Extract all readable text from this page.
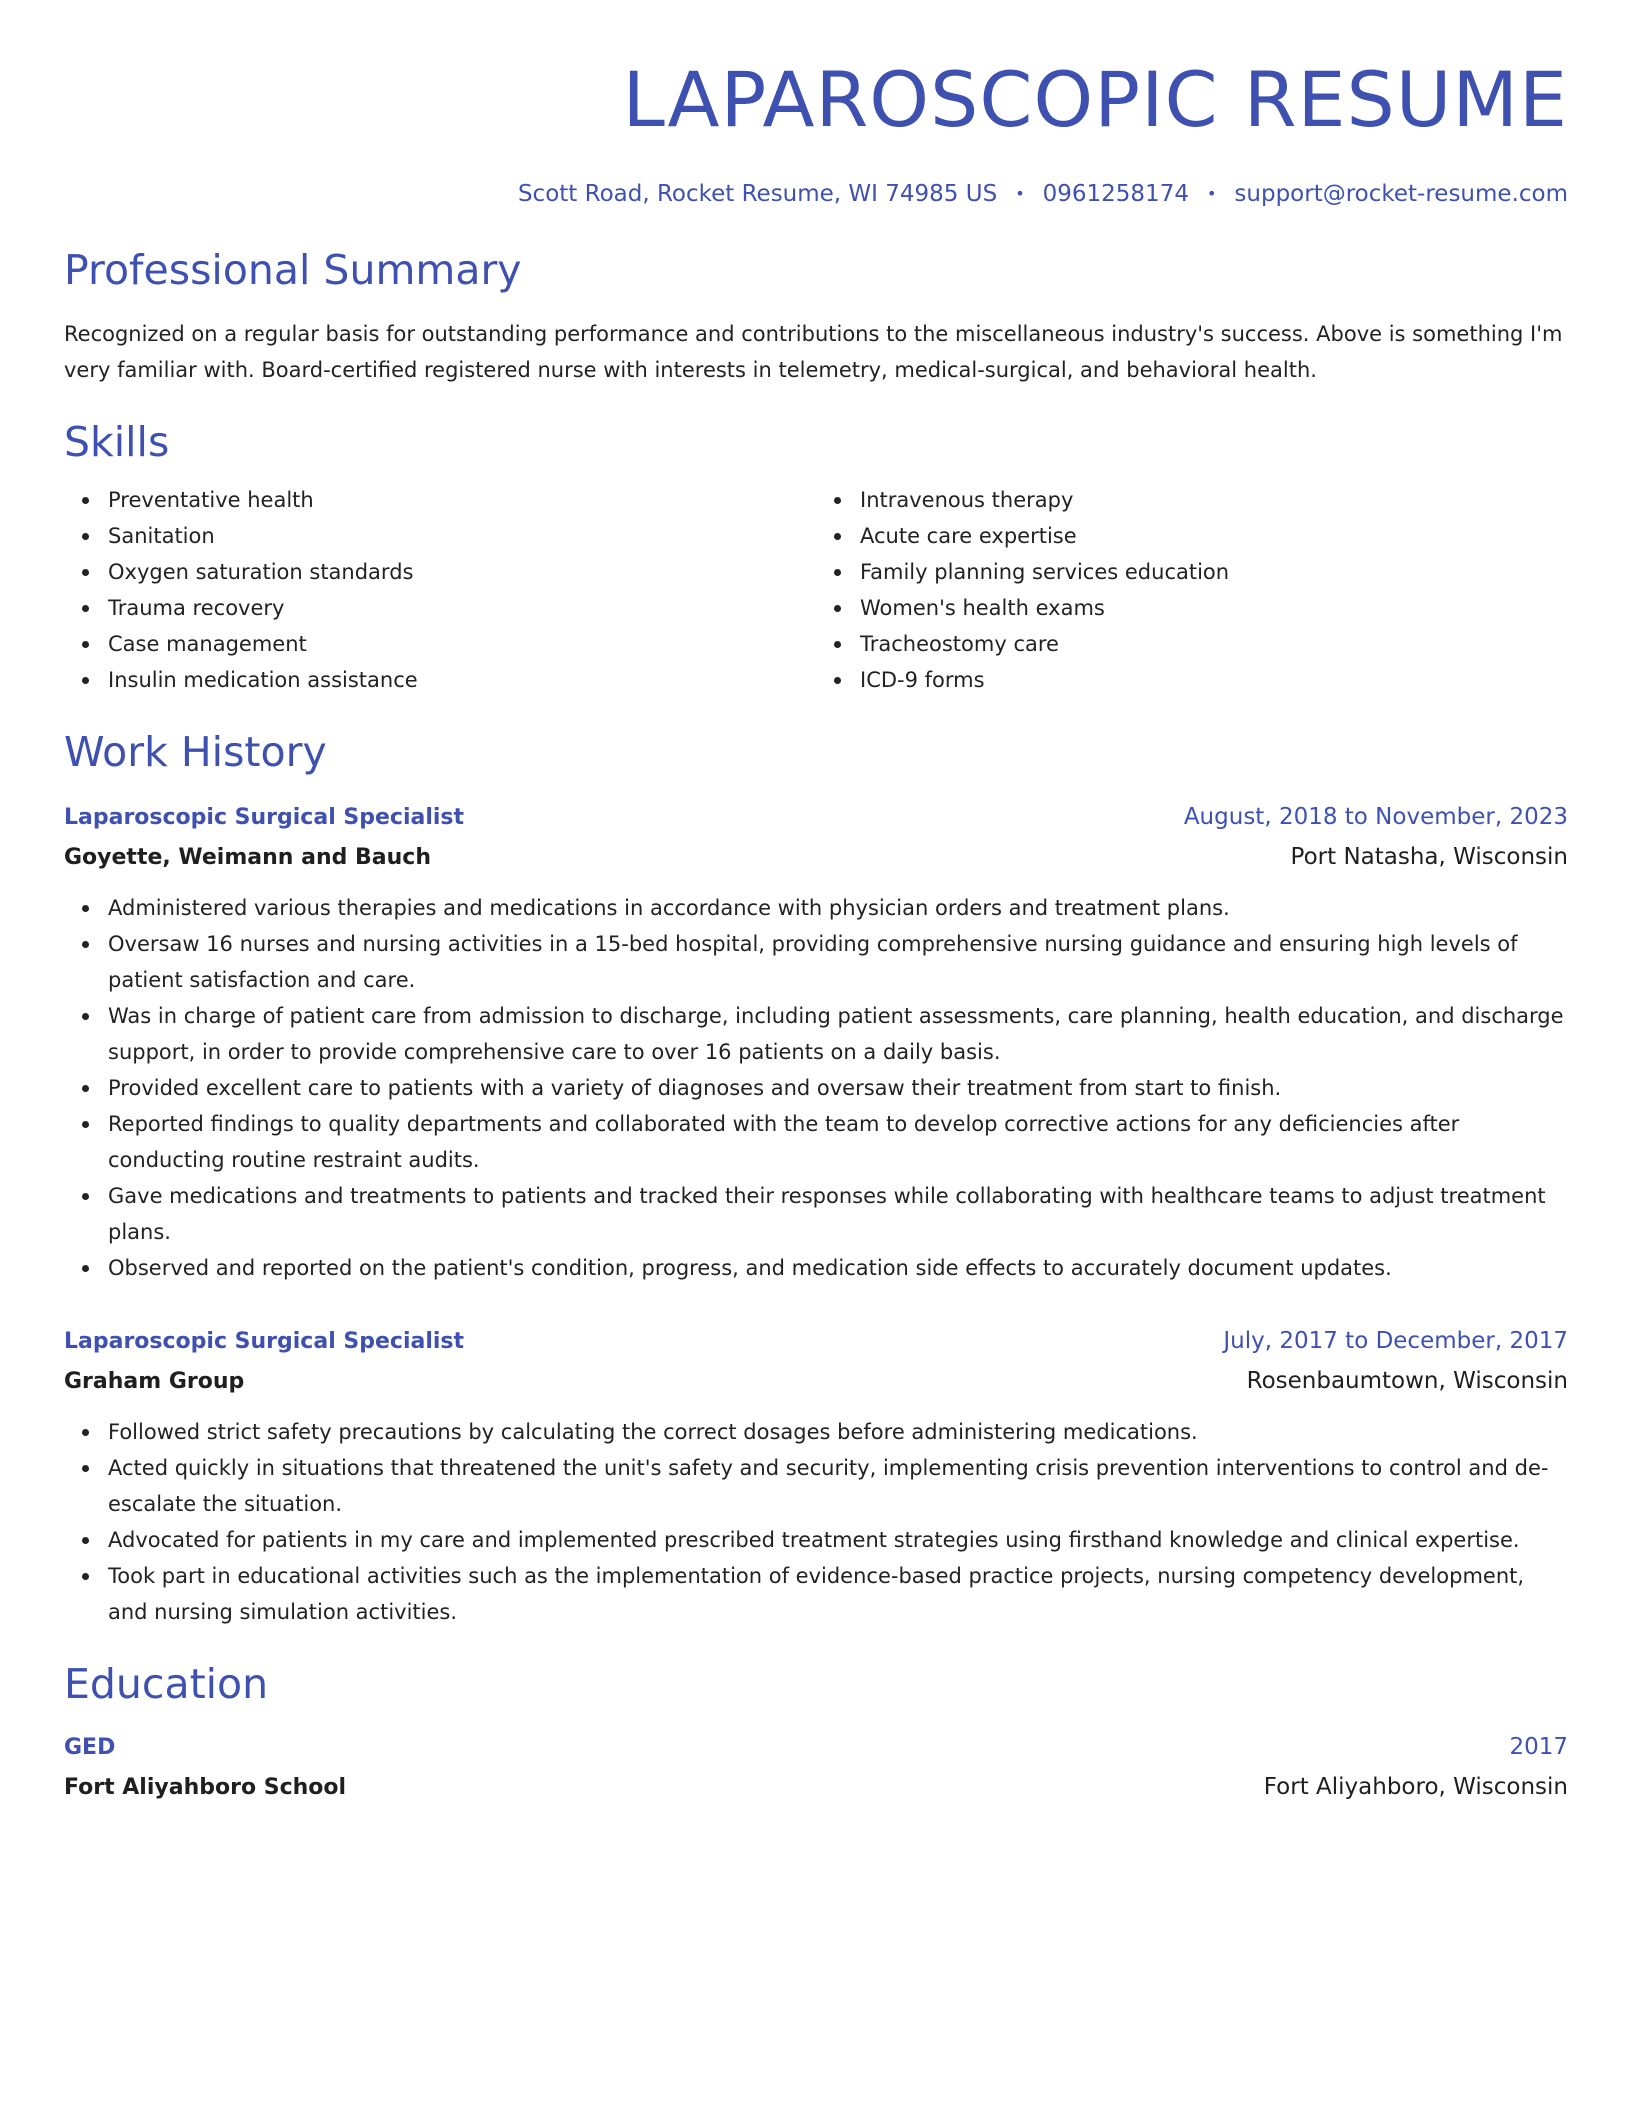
LAPAROSCOPIC RESUME
Scott Road, Rocket Resume, WI 74985 US • 0961258174 • support@rocket-resume.com
Professional Summary

Recognized on a regular basis for outstanding performance and contributions to the miscellaneous industry's success. Above is something I'm very familiar with. Board-certified registered nurse with interests in telemetry, medical-surgical, and behavioral health.

Skills
Preventative health
Sanitation
Oxygen saturation standards
Trauma recovery
Case management
Insulin medication assistance
Intravenous therapy
Acute care expertise
Family planning services education
Women's health exams
Tracheostomy care
ICD-9 forms
Work History
Laparoscopic Surgical Specialist	August, 2018 to November, 2023
Goyette, Weimann and Bauch	Port Natasha, Wisconsin
Administered various therapies and medications in accordance with physician orders and treatment plans.
Oversaw 16 nurses and nursing activities in a 15-bed hospital, providing comprehensive nursing guidance and ensuring high levels of patient satisfaction and care.
Was in charge of patient care from admission to discharge, including patient assessments, care planning, health education, and discharge support, in order to provide comprehensive care to over 16 patients on a daily basis.
Provided excellent care to patients with a variety of diagnoses and oversaw their treatment from start to finish.
Reported findings to quality departments and collaborated with the team to develop corrective actions for any deficiencies after conducting routine restraint audits.
Gave medications and treatments to patients and tracked their responses while collaborating with healthcare teams to adjust treatment plans.
Observed and reported on the patient's condition, progress, and medication side effects to accurately document updates.
Laparoscopic Surgical Specialist	July, 2017 to December, 2017
Graham Group	Rosenbaumtown, Wisconsin
Followed strict safety precautions by calculating the correct dosages before administering medications.
Acted quickly in situations that threatened the unit's safety and security, implementing crisis prevention interventions to control and de-escalate the situation.
Advocated for patients in my care and implemented prescribed treatment strategies using firsthand knowledge and clinical expertise.
Took part in educational activities such as the implementation of evidence-based practice projects, nursing competency development, and nursing simulation activities.
Education
GED	2017
Fort Aliyahboro School	Fort Aliyahboro, Wisconsin
